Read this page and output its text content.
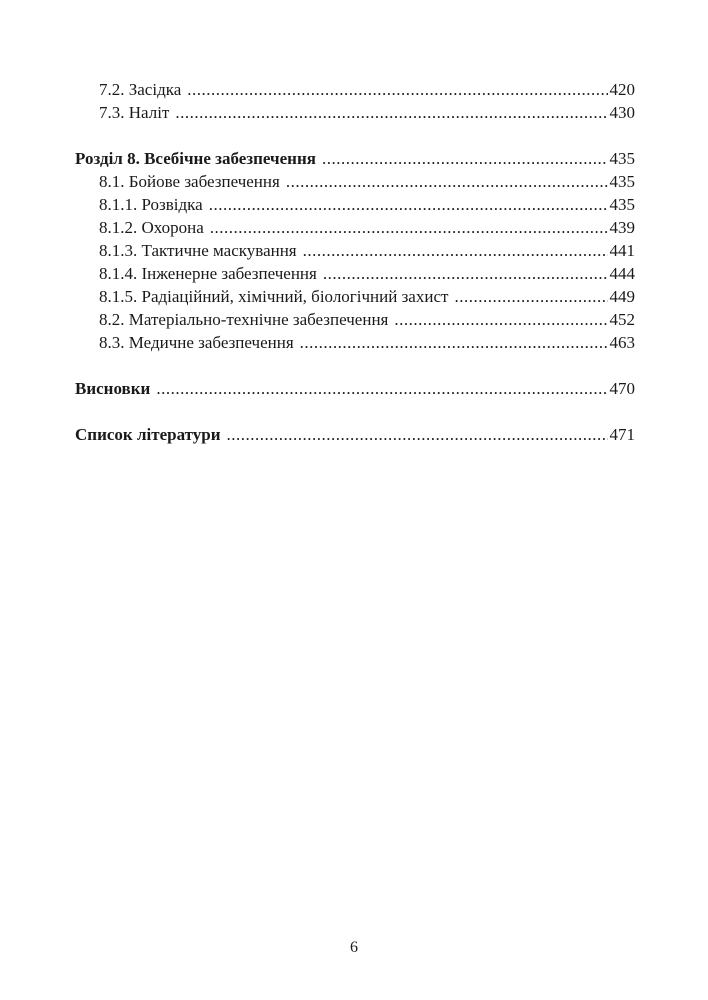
7.2. Засідка .....	420
7.3. Наліт .....	430
Розділ 8. Всебічне забезпечення .....	435
8.1. Бойове забезпечення .....	435
8.1.1. Розвідка .....	435
8.1.2. Охорона .....	439
8.1.3. Тактичне маскування .....	441
8.1.4. Інженерне забезпечення .....	444
8.1.5. Радіаційний, хімічний, біологічний захист .....	449
8.2. Матеріально-технічне забезпечення .....	452
8.3. Медичне забезпечення .....	463
Висновки .....	470
Список літератури .....	471
6
